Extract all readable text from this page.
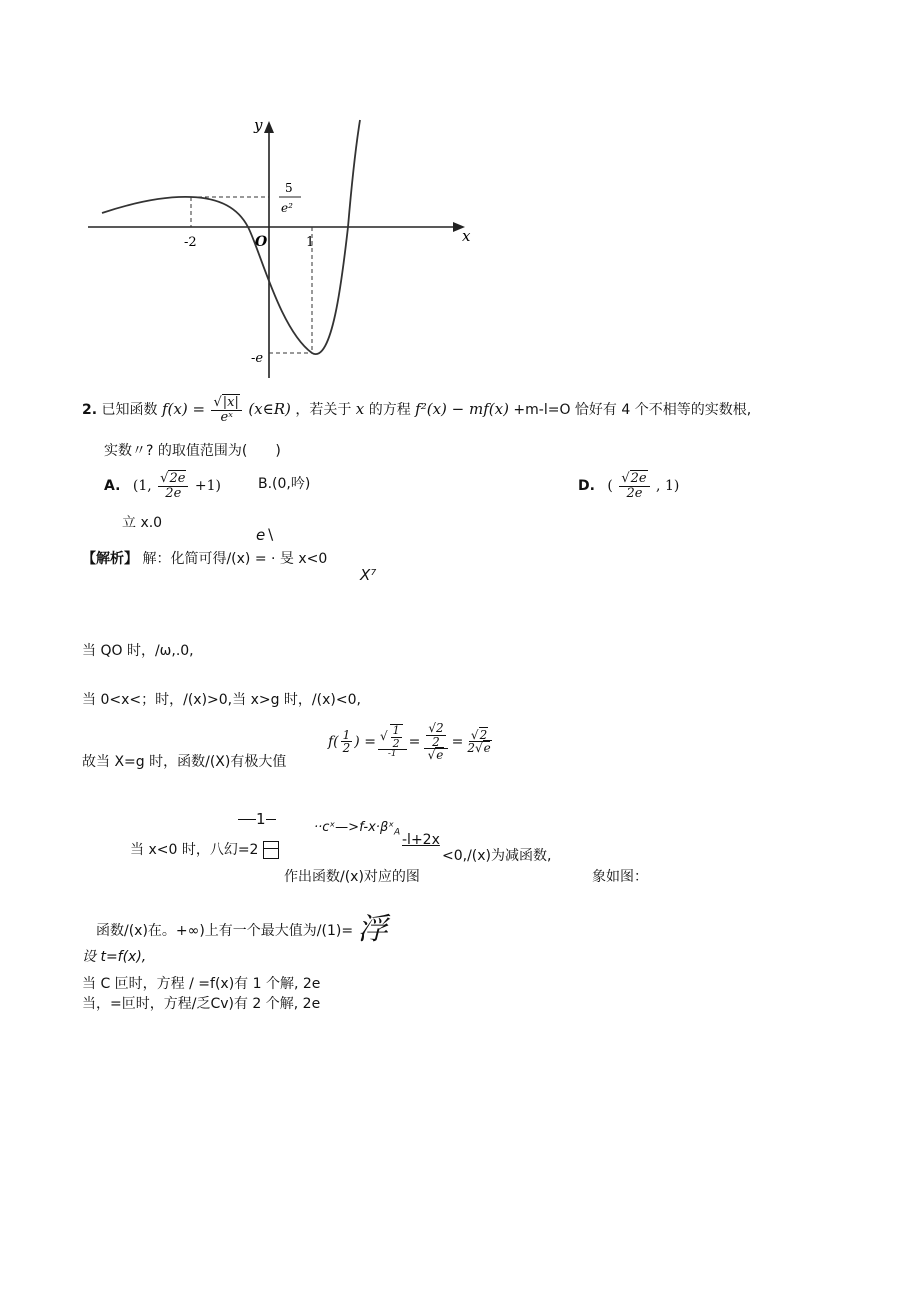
y
x
O
-2	1
-e
5
e²
2. 已知函数 $f(x) = \frac{√|x|}{\text{eˣ}}$ (x∈R) ，若关于 x 的方程 f²(x) − mf(x) +m-l=O 恰好有 4 个不相等的实数根,
实数〃? 的取值范围为(　　)
A. (1, $\frac{√2e}{2e} +1$)	B.(0,吟)	D. ( $\frac{√2e}{2e}$ , 1)
立 x.0
e∖
【解析】 解：化简可得/(x) = · 旻 x<0
X⁷
当 QO 时，/ω,.0,
当 0<x<；时，/(x)>0,当 x>g 时，/(x)<0,
故当 X=g 时，函数/(X)有极大值
$f( \frac{1}{2}$ ) = $\frac{√ \frac{1}{2}}{-1} = \frac{\frac{√2}{2}}{√e} = \frac{√2}{2√e}$
1
当 x<0 时，八幻=2
··cˣ—>f-x·βˣ$_A$ -l+2x
<0,/(x)为减函数,
作出函数/(x)对应的图	象如图：
函数/(x)在。+∞)上有一个最大值为/(1)= 浮
设 t=f(x),
当 C 叵时，方程 / =f(x)有 1 个解, 2e
当，=叵时，方程/乏Cv)有 2 个解, 2e
